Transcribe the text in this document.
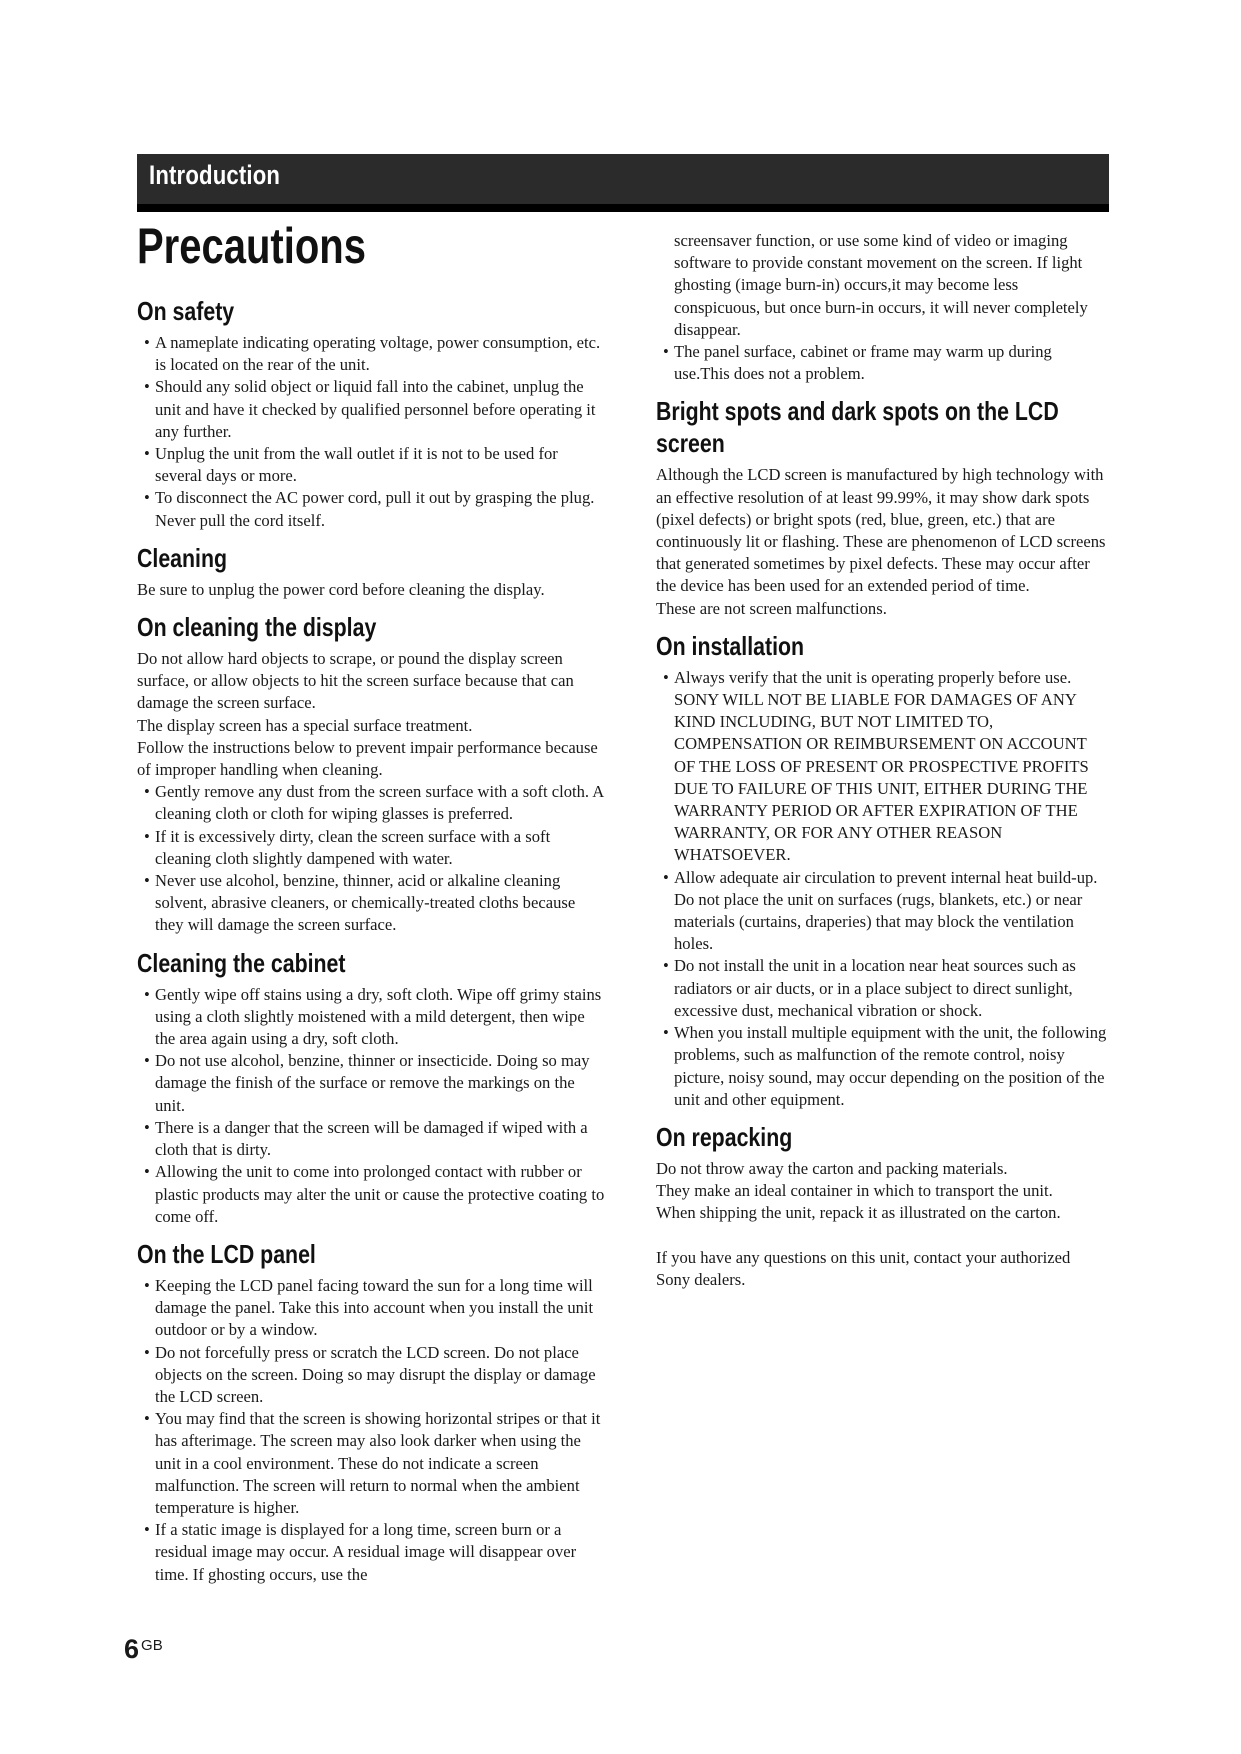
Introduction
Precautions
On safety
• A nameplate indicating operating voltage, power consumption, etc. is located on the rear of the unit.
• Should any solid object or liquid fall into the cabinet, unplug the unit and have it checked by qualified personnel before operating it any further.
• Unplug the unit from the wall outlet if it is not to be used for several days or more.
• To disconnect the AC power cord, pull it out by grasping the plug. Never pull the cord itself.
Cleaning

Be sure to unplug the power cord before cleaning the display.

On cleaning the display

Do not allow hard objects to scrape, or pound the display screen surface, or allow objects to hit the screen surface because that can damage the screen surface.

The display screen has a special surface treatment.

Follow the instructions below to prevent impair performance because of improper handling when cleaning.

• Gently remove any dust from the screen surface with a soft cloth. A cleaning cloth or cloth for wiping glasses is preferred.
• If it is excessively dirty, clean the screen surface with a soft cleaning cloth slightly dampened with water.
• Never use alcohol, benzine, thinner, acid or alkaline cleaning solvent, abrasive cleaners, or chemically-treated cloths because they will damage the screen surface.
Cleaning the cabinet
• Gently wipe off stains using a dry, soft cloth. Wipe off grimy stains using a cloth slightly moistened with a mild detergent, then wipe the area again using a dry, soft cloth.
• Do not use alcohol, benzine, thinner or insecticide. Doing so may damage the finish of the surface or remove the markings on the unit.
• There is a danger that the screen will be damaged if wiped with a cloth that is dirty.
• Allowing the unit to come into prolonged contact with rubber or plastic products may alter the unit or cause the protective coating to come off.
On the LCD panel
• Keeping the LCD panel facing toward the sun for a long time will damage the panel. Take this into account when you install the unit outdoor or by a window.
• Do not forcefully press or scratch the LCD screen. Do not place objects on the screen. Doing so may disrupt the display or damage the LCD screen.
• You may find that the screen is showing horizontal stripes or that it has afterimage. The screen may also look darker when using the unit in a cool environment. These do not indicate a screen malfunction. The screen will return to normal when the ambient temperature is higher.
• If a static image is displayed for a long time, screen burn or a residual image may occur. A residual image will disappear over time. If ghosting occurs, use the

screensaver function, or use some kind of video or imaging software to provide constant movement on the screen. If light ghosting (image burn-in) occurs,it may become less conspicuous, but once burn-in occurs, it will never completely disappear.

• The panel surface, cabinet or frame may warm up during use.This does not a problem.
Bright spots and dark spots on the LCD screen

Although the LCD screen is manufactured by high technology with an effective resolution of at least 99.99%, it may show dark spots (pixel defects) or bright spots (red, blue, green, etc.) that are continuously lit or flashing. These are phenomenon of LCD screens that generated sometimes by pixel defects. These may occur after the device has been used for an extended period of time.

These are not screen malfunctions.

On installation
• Always verify that the unit is operating properly before use. SONY WILL NOT BE LIABLE FOR DAMAGES OF ANY KIND INCLUDING, BUT NOT LIMITED TO, COMPENSATION OR REIMBURSEMENT ON ACCOUNT OF THE LOSS OF PRESENT OR PROSPECTIVE PROFITS DUE TO FAILURE OF THIS UNIT, EITHER DURING THE WARRANTY PERIOD OR AFTER EXPIRATION OF THE WARRANTY, OR FOR ANY OTHER REASON WHATSOEVER.
• Allow adequate air circulation to prevent internal heat build-up. Do not place the unit on surfaces (rugs, blankets, etc.) or near materials (curtains, draperies) that may block the ventilation holes.
• Do not install the unit in a location near heat sources such as radiators or air ducts, or in a place subject to direct sunlight, excessive dust, mechanical vibration or shock.
• When you install multiple equipment with the unit, the following problems, such as malfunction of the remote control, noisy picture, noisy sound, may occur depending on the position of the unit and other equipment.
On repacking

Do not throw away the carton and packing materials.

They make an ideal container in which to transport the unit.

When shipping the unit, repack it as illustrated on the carton.

If you have any questions on this unit, contact your authorized Sony dealers.

6 $^{GB}$
